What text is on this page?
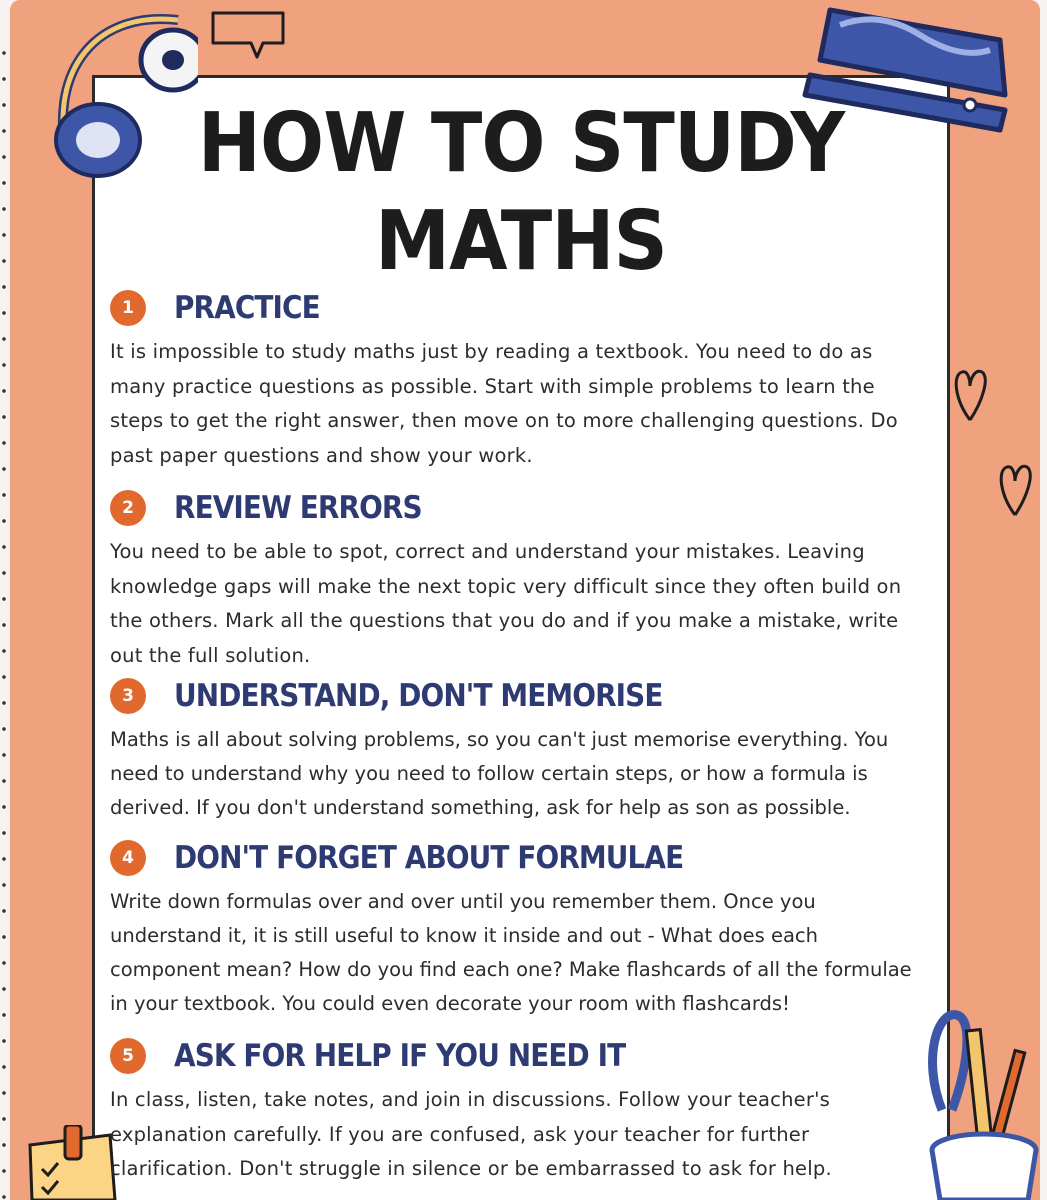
HOW TO STUDY MATHS
1	PRACTICE

It is impossible to study maths just by reading a textbook. You need to do as many practice questions as possible. Start with simple problems to learn the steps to get the right answer, then move on to more challenging questions. Do past paper questions and show your work.

2	REVIEW ERRORS

You need to be able to spot, correct and understand your mistakes. Leaving knowledge gaps will make the next topic very difficult since they often build on the others. Mark all the questions that you do and if you make a mistake, write out the full solution.

3	UNDERSTAND, DON'T MEMORISE

Maths is all about solving problems, so you can't just memorise everything. You need to understand why you need to follow certain steps, or how a formula is derived. If you don't understand something, ask for help as son as possible.

4	DON'T FORGET ABOUT FORMULAE

Write down formulas over and over until you remember them. Once you understand it, it is still useful to know it inside and out - What does each component mean? How do you find each one? Make flashcards of all the formulae in your textbook. You could even decorate your room with flashcards!

5	ASK FOR HELP IF YOU NEED IT

In class, listen, take notes, and join in discussions. Follow your teacher's explanation carefully. If you are confused, ask your teacher for further clarification. Don't struggle in silence or be embarrassed to ask for help.
